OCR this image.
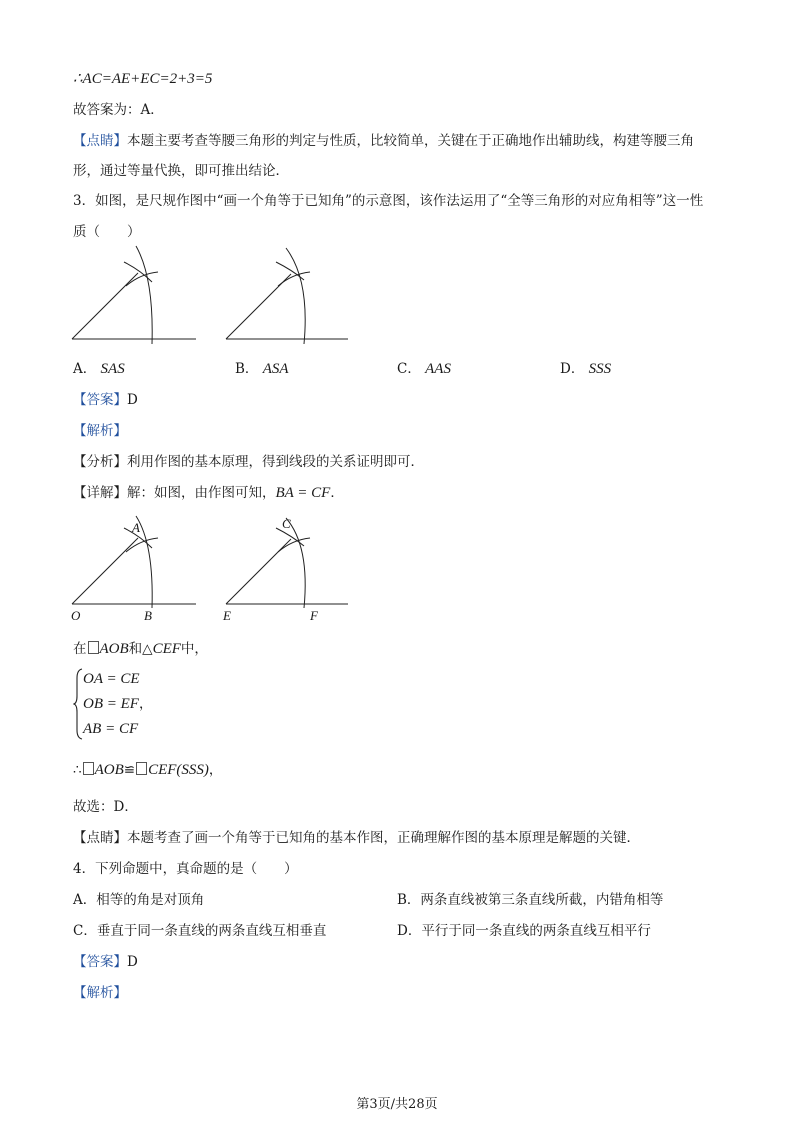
∴AC=AE+EC=2+3=5
故答案为：A．
【点睛】本题主要考查等腰三角形的判定与性质，比较简单，关键在于正确地作出辅助线，构建等腰三角
形，通过等量代换，即可推出结论．
3．如图，是尺规作图中“画一个角等于已知角”的示意图，该作法运用了“全等三角形的对应角相等”这一性
质（　　）
A． SAS	B． ASA	C． AAS	D． SSS
【答案】D
【解析】
【分析】利用作图的基本原理，得到线段的关系证明即可．
【详解】解：如图，由作图可知，BA = CF．
A
O	B
C
E	F
在 AOB和△CEF中，
OA = CE
OB = EF，
AB = CF
∴ AOB≌ CEF(SSS)，
故选：D．
【点睛】本题考查了画一个角等于已知角的基本作图，正确理解作图的基本原理是解题的关键．
4．下列命题中，真命题的是（　　）
A．相等的角是对顶角	B．两条直线被第三条直线所截，内错角相等
C．垂直于同一条直线的两条直线互相垂直	D．平行于同一条直线的两条直线互相平行
【答案】D
【解析】
第3页/共28页
